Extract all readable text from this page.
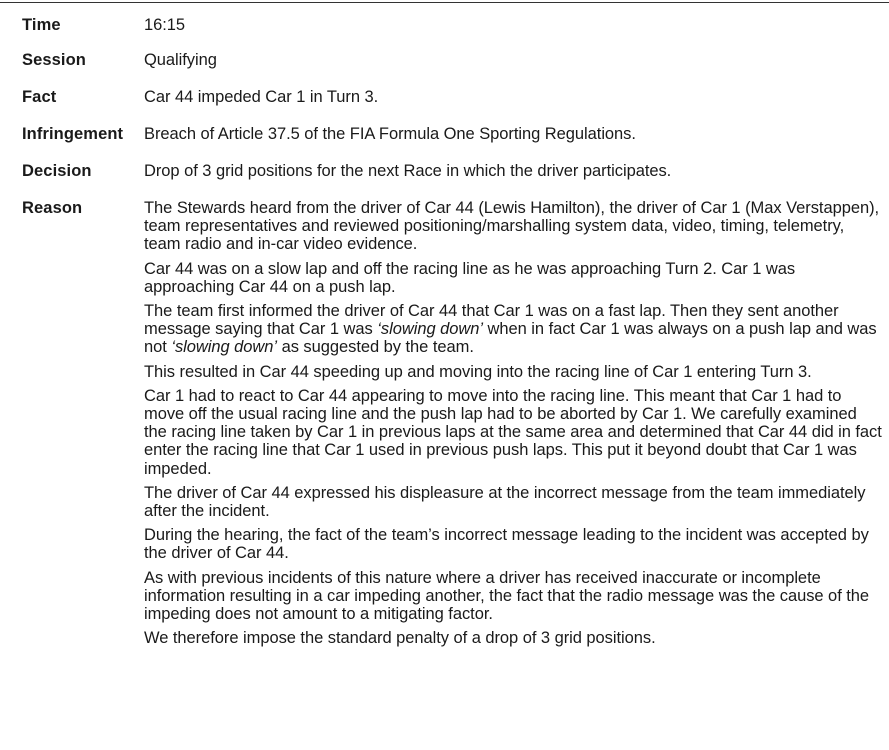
Time	16:15
Session	Qualifying
Fact	Car 44 impeded Car 1 in Turn 3.
Infringement	Breach of Article 37.5 of the FIA Formula One Sporting Regulations.
Decision	Drop of 3 grid positions for the next Race in which the driver participates.
Reason	The Stewards heard from the driver of Car 44 (Lewis Hamilton), the driver of Car 1 (Max Verstappen), team representatives and reviewed positioning/marshalling system data, video, timing, telemetry, team radio and in-car video evidence.

Car 44 was on a slow lap and off the racing line as he was approaching Turn 2. Car 1 was approaching Car 44 on a push lap.

The team first informed the driver of Car 44 that Car 1 was on a fast lap. Then they sent another message saying that Car 1 was ‘slowing down’ when in fact Car 1 was always on a push lap and was not ‘slowing down’ as suggested by the team.

This resulted in Car 44 speeding up and moving into the racing line of Car 1 entering Turn 3.

Car 1 had to react to Car 44 appearing to move into the racing line. This meant that Car 1 had to move off the usual racing line and the push lap had to be aborted by Car 1. We carefully examined the racing line taken by Car 1 in previous laps at the same area and determined that Car 44 did in fact enter the racing line that Car 1 used in previous push laps. This put it beyond doubt that Car 1 was impeded.

The driver of Car 44 expressed his displeasure at the incorrect message from the team immediately after the incident.

During the hearing, the fact of the team’s incorrect message leading to the incident was accepted by the driver of Car 44.

As with previous incidents of this nature where a driver has received inaccurate or incomplete information resulting in a car impeding another, the fact that the radio message was the cause of the impeding does not amount to a mitigating factor.

We therefore impose the standard penalty of a drop of 3 grid positions.
